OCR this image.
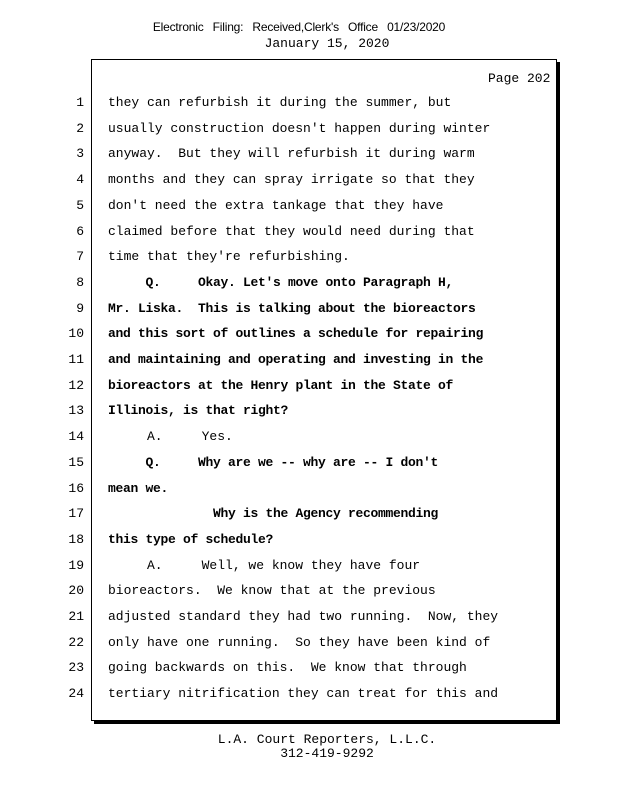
Electronic Filing: Received,Clerk's Office 01/23/2020
January 15, 2020
Page 202
1 they can refurbish it during the summer, but
2 usually construction doesn't happen during winter
3 anyway.  But they will refurbish it during warm
4 months and they can spray irrigate so that they
5 don't need the extra tankage that they have
6 claimed before that they would need during that
7 time that they're refurbishing.
8 Q.     Okay. Let's move onto Paragraph H,
9 Mr. Liska.  This is talking about the bioreactors
10 and this sort of outlines a schedule for repairing
11 and maintaining and operating and investing in the
12 bioreactors at the Henry plant in the State of
13 Illinois, is that right?
14 A.     Yes.
15 Q.     Why are we -- why are -- I don't
16 mean we.
17 Why is the Agency recommending
18 this type of schedule?
19 A.     Well, we know they have four
20 bioreactors.  We know that at the previous
21 adjusted standard they had two running.  Now, they
22 only have one running.  So they have been kind of
23 going backwards on this.  We know that through
24 tertiary nitrification they can treat for this and
L.A. Court Reporters, L.L.C.
312-419-9292
